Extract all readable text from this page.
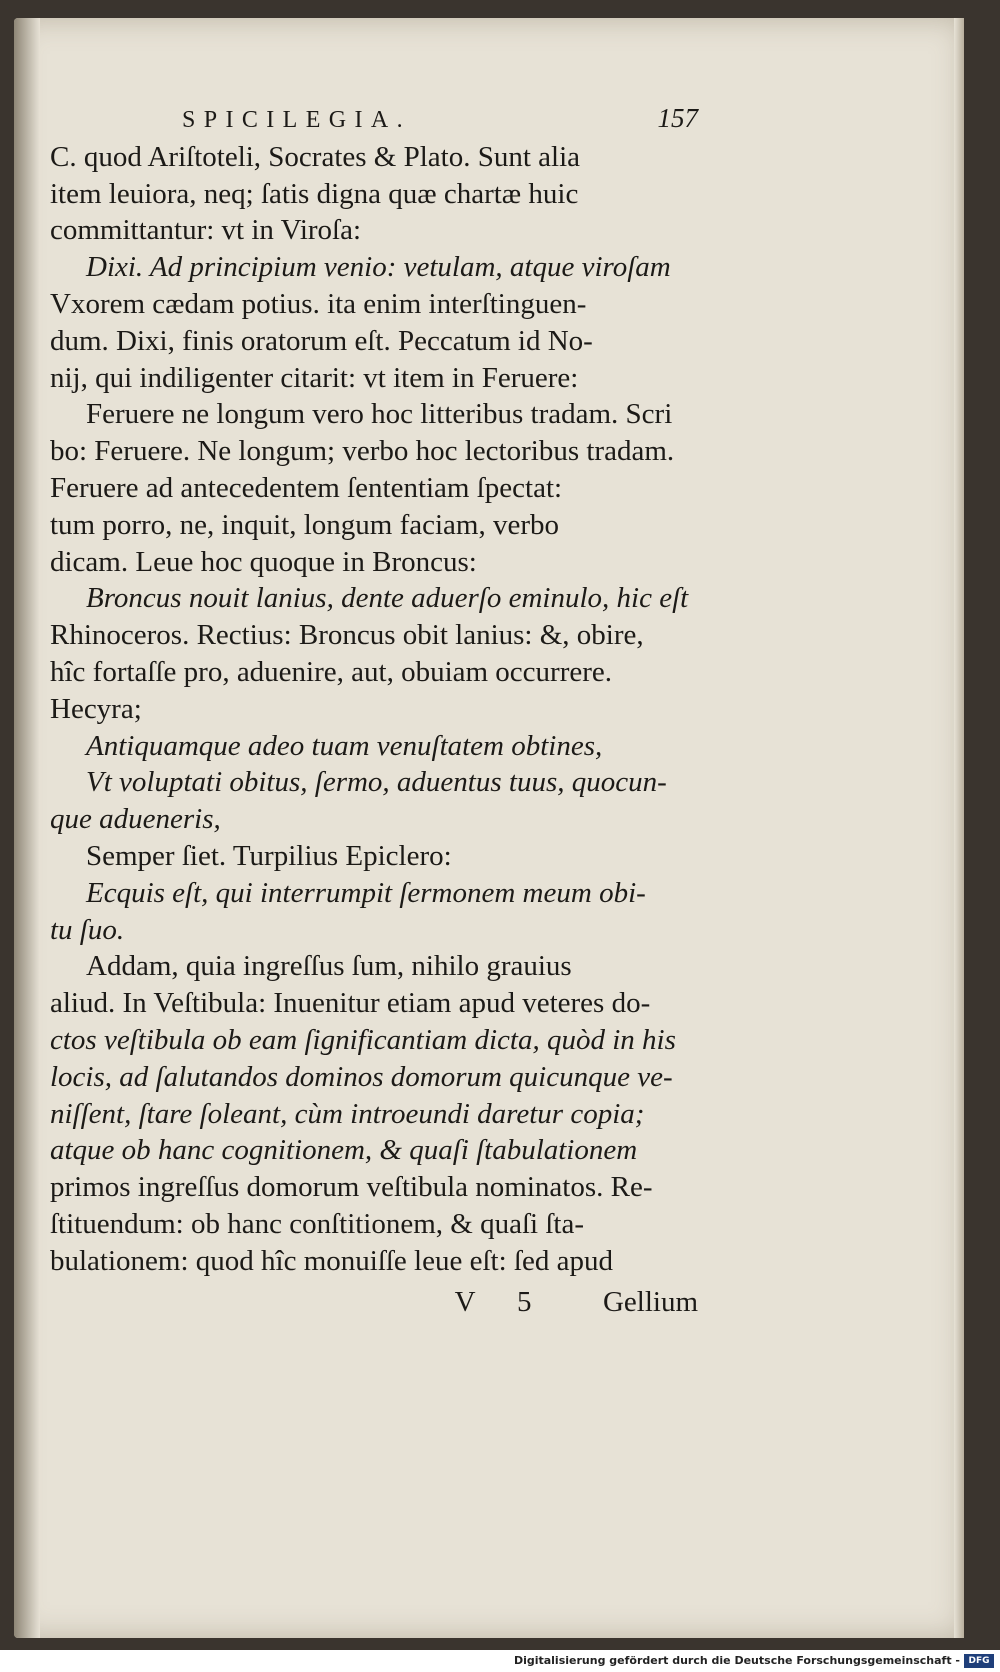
SPICILEGIA.	157
C. quod Ariſtoteli, Socrates & Plato. Sunt alia
item leuiora, neq; ſatis digna quæ chartæ huic
committantur: vt in Viroſa:
Dixi. Ad principium venio: vetulam, atque viroſam
Vxorem cædam potius. ita enim interſtinguen-
dum. Dixi, finis oratorum eſt. Peccatum id No-
nij, qui indiligenter citarit: vt item in Feruere:
Feruere ne longum vero hoc litteribus tradam. Scri
bo: Feruere. Ne longum; verbo hoc lectoribus tradam.
Feruere ad antecedentem ſententiam ſpectat:
tum porro, ne, inquit, longum faciam, verbo
dicam. Leue hoc quoque in Broncus:
Broncus nouit lanius, dente aduerſo eminulo, hic eſt
Rhinoceros. Rectius: Broncus obit lanius: &, obire,
hîc fortaſſe pro, aduenire, aut, obuiam occurrere.
Hecyra;
Antiquamque adeo tuam venuſtatem obtines,
Vt voluptati obitus, ſermo, aduentus tuus, quocun-
que adueneris,
Semper ſiet. Turpilius Epiclero:
Ecquis eſt, qui interrumpit ſermonem meum obi-
tu ſuo.
Addam, quia ingreſſus ſum, nihilo grauius
aliud. In Veſtibula: Inuenitur etiam apud veteres do-
ctos veſtibula ob eam ſignificantiam dicta, quòd in his
locis, ad ſalutandos dominos domorum quicunque ve-
niſſent, ſtare ſoleant, cùm introeundi daretur copia;
atque ob hanc cognitionem, & quaſi ſtabulationem
primos ingreſſus domorum veſtibula nominatos. Re-
ſtituendum: ob hanc conſtitionem, & quaſi ſta-
bulationem: quod hîc monuiſſe leue eſt: ſed apud
V 5 Gellium
Digitalisierung gefördert durch die Deutsche Forschungsgemeinschaft - DFG
